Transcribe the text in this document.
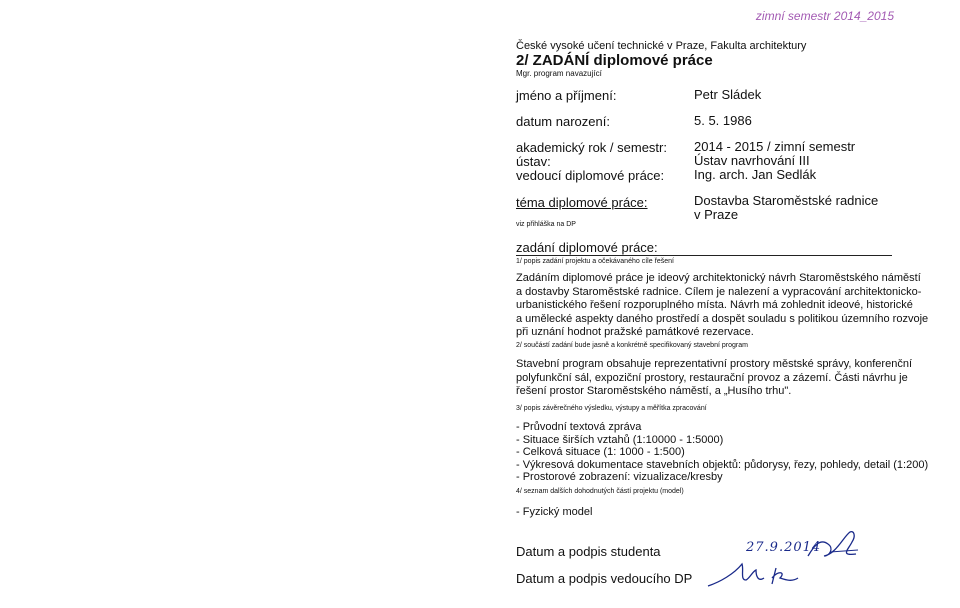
zimní semestr 2014_2015
České vysoké učení technické v Praze, Fakulta architektury
2/ ZADÁNÍ diplomové práce
Mgr. program navazující
jméno a příjmení:	Petr Sládek
datum narození:	5. 5. 1986
akademický rok / semestr: 2014 - 2015 / zimní semestr
ústav:	Ústav navrhování III
vedoucí diplomové práce: Ing. arch. Jan Sedlák
téma diplomové práce:	Dostavba Staroměstské radnice
v Praze
viz přihláška na DP
zadání diplomové práce:
1/ popis zadání projektu a očekávaného cíle řešení
Zadáním diplomové práce je ideový architektonický návrh Staroměstského náměstí
a dostavby Staroměstské radnice. Cílem je nalezení a vypracování architektonicko-
urbanistického řešení rozporuplného místa. Návrh má zohlednit ideové, historické
a umělecké aspekty daného prostředí a dospět souladu s politikou územního rozvoje
při uznání hodnot pražské památkové rezervace.
2/ součástí zadání bude jasně a konkrétně specifikovaný stavební program
Stavební program obsahuje reprezentativní prostory městské správy, konferenční
polyfunkční sál, expoziční prostory, restaurační provoz a zázemí. Části návrhu je
řešení prostor Staroměstského náměstí, a „Husího trhu".
3/ popis závěrečného výsledku, výstupy a měřítka zpracování
- Průvodní textová zpráva
- Situace širších vztahů (1:10000 - 1:5000)
- Celková situace (1: 1000 - 1:500)
- Výkresová dokumentace stavebních objektů: půdorysy, řezy, pohledy, detail (1:200)
- Prostorové zobrazení: vizualizace/kresby
4/ seznam dalších dohodnutých částí projektu (model)
- Fyzický model
Datum a podpis studenta
Datum a podpis vedoucího DP
27.9.2014
